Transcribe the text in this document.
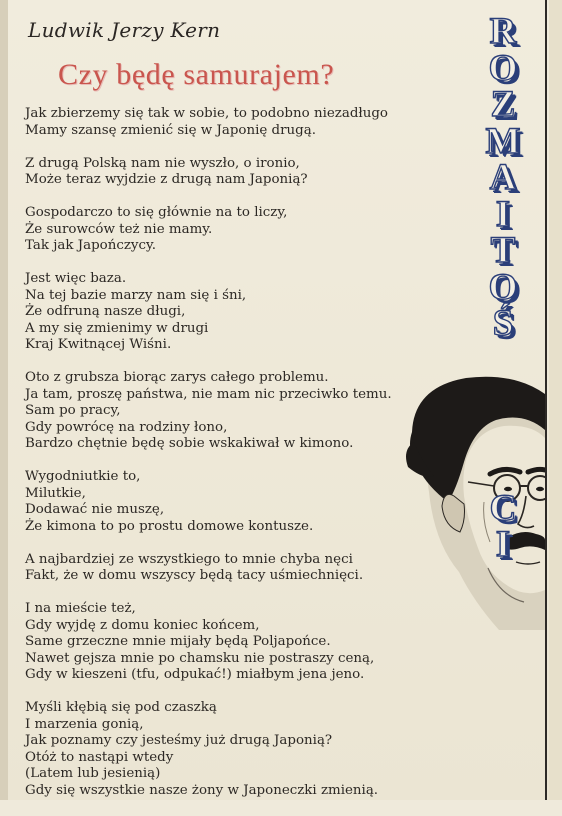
Ludwik Jerzy Kern
Czy będę samurajem?
Jak zbierzemy się tak w sobie, to podobno niezadługo
Mamy szansę zmienić się w Japonię drugą.
Z drugą Polską nam nie wyszło, o ironio,
Może teraz wyjdzie z drugą nam Japonią?
Gospodarczo to się głównie na to liczy,
Że surowców też nie mamy.
Tak jak Japończycy.
Jest więc baza.
Na tej bazie marzy nam się i śni,
Że odfruną nasze długi,
A my się zmienimy w drugi
Kraj Kwitnącej Wiśni.
Oto z grubsza biorąc zarys całego problemu.
Ja tam, proszę państwa, nie mam nic przeciwko temu.
Sam po pracy,
Gdy powrócę na rodziny łono,
Bardzo chętnie będę sobie wskakiwał w kimono.
Wygodniutkie to,
Milutkie,
Dodawać nie muszę,
Że kimona to po prostu domowe kontusze.
A najbardziej ze wszystkiego to mnie chyba nęci
Fakt, że w domu wszyscy będą tacy uśmiechnięci.
I na mieście też,
Gdy wyjdę z domu koniec końcem,
Same grzeczne mnie mijały będą Poljapońce.
Nawet gejsza mnie po chamsku nie postraszy ceną,
Gdy w kieszeni (tfu, odpukać!) miałbym jena jeno.
Myśli kłębią się pod czaszką
I marzenia gonią,
Jak poznamy czy jesteśmy już drugą Japonią?
Otóż to nastąpi wtedy
(Latem lub jesienią)
Gdy się wszystkie nasze żony w Japoneczki zmienią.
R
O
Z
M
A
I
T
O
Ś
C
I
